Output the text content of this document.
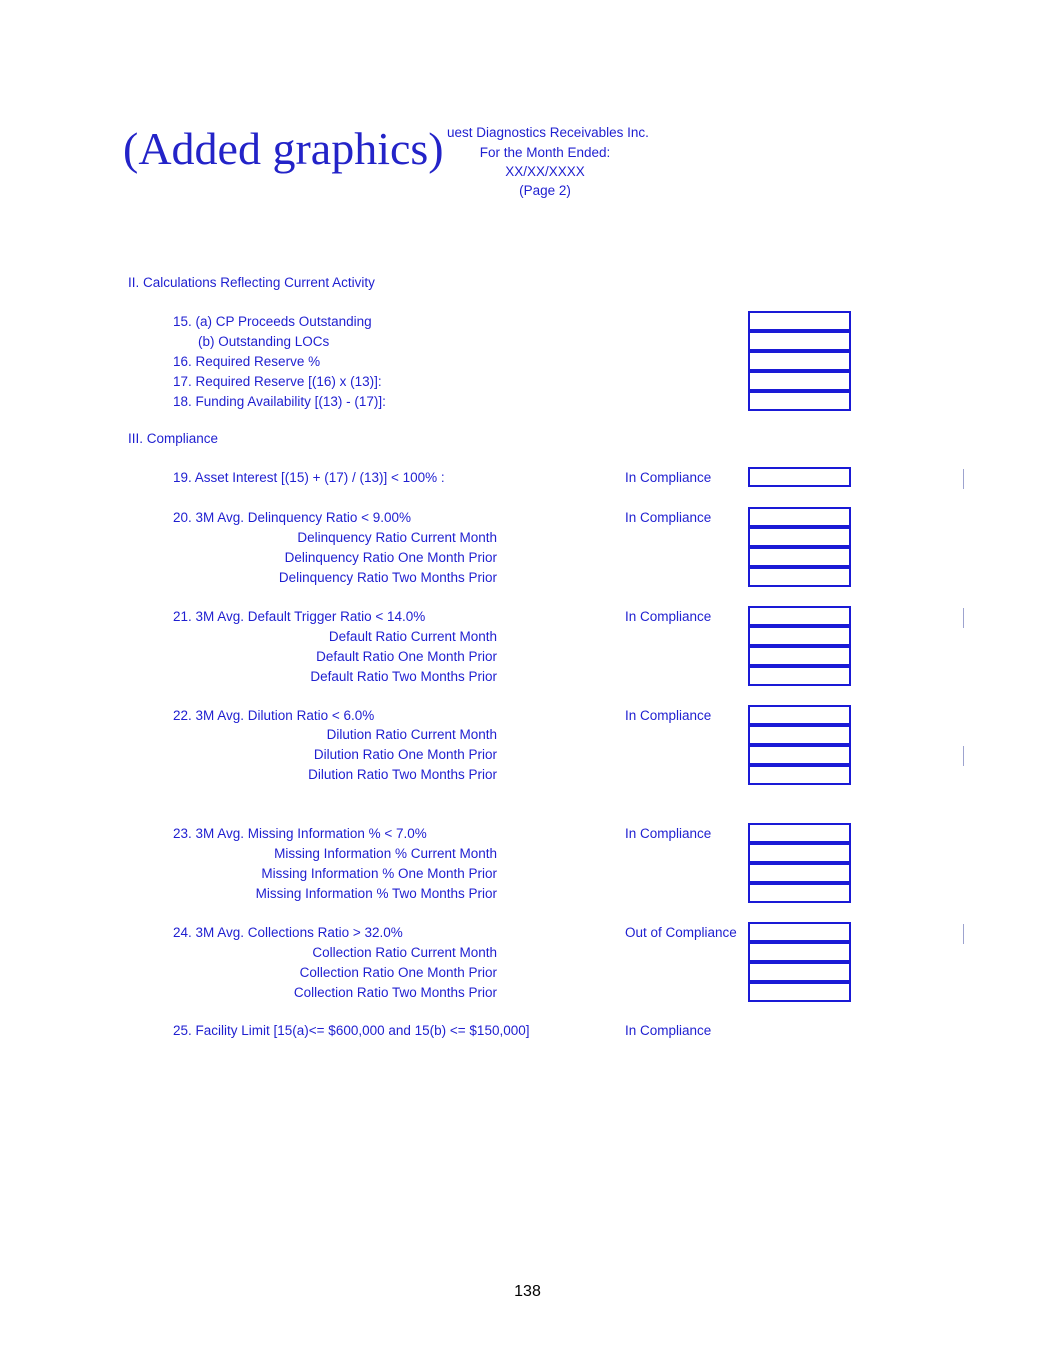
(Added graphics) uest Diagnostics Receivables Inc.
For the Month Ended:
XX/XX/XXXX
(Page 2)
II. Calculations Reflecting Current Activity
15. (a) CP Proceeds Outstanding
(b) Outstanding LOCs
16. Required Reserve %
17. Required Reserve [(16) x (13)]:
18. Funding Availability [(13) - (17)]:
III. Compliance
19. Asset Interest [(15) + (17) / (13)] < 100% :	In Compliance
20. 3M Avg. Delinquency Ratio < 9.00%	In Compliance
Delinquency Ratio Current Month
Delinquency Ratio One Month Prior
Delinquency Ratio Two Months Prior
21. 3M Avg. Default Trigger Ratio < 14.0%	In Compliance
Default Ratio Current Month
Default Ratio One Month Prior
Default Ratio Two Months Prior
22. 3M Avg. Dilution Ratio < 6.0%	In Compliance
Dilution Ratio Current Month
Dilution Ratio One Month Prior
Dilution Ratio Two Months Prior
23. 3M Avg. Missing Information % < 7.0%	In Compliance
Missing Information % Current Month
Missing Information % One Month Prior
Missing Information % Two Months Prior
24. 3M Avg. Collections Ratio > 32.0%	Out of Compliance
Collection Ratio Current Month
Collection Ratio One Month Prior
Collection Ratio Two Months Prior
25. Facility Limit [15(a)<= $600,000 and 15(b) <= $150,000]	In Compliance
138
